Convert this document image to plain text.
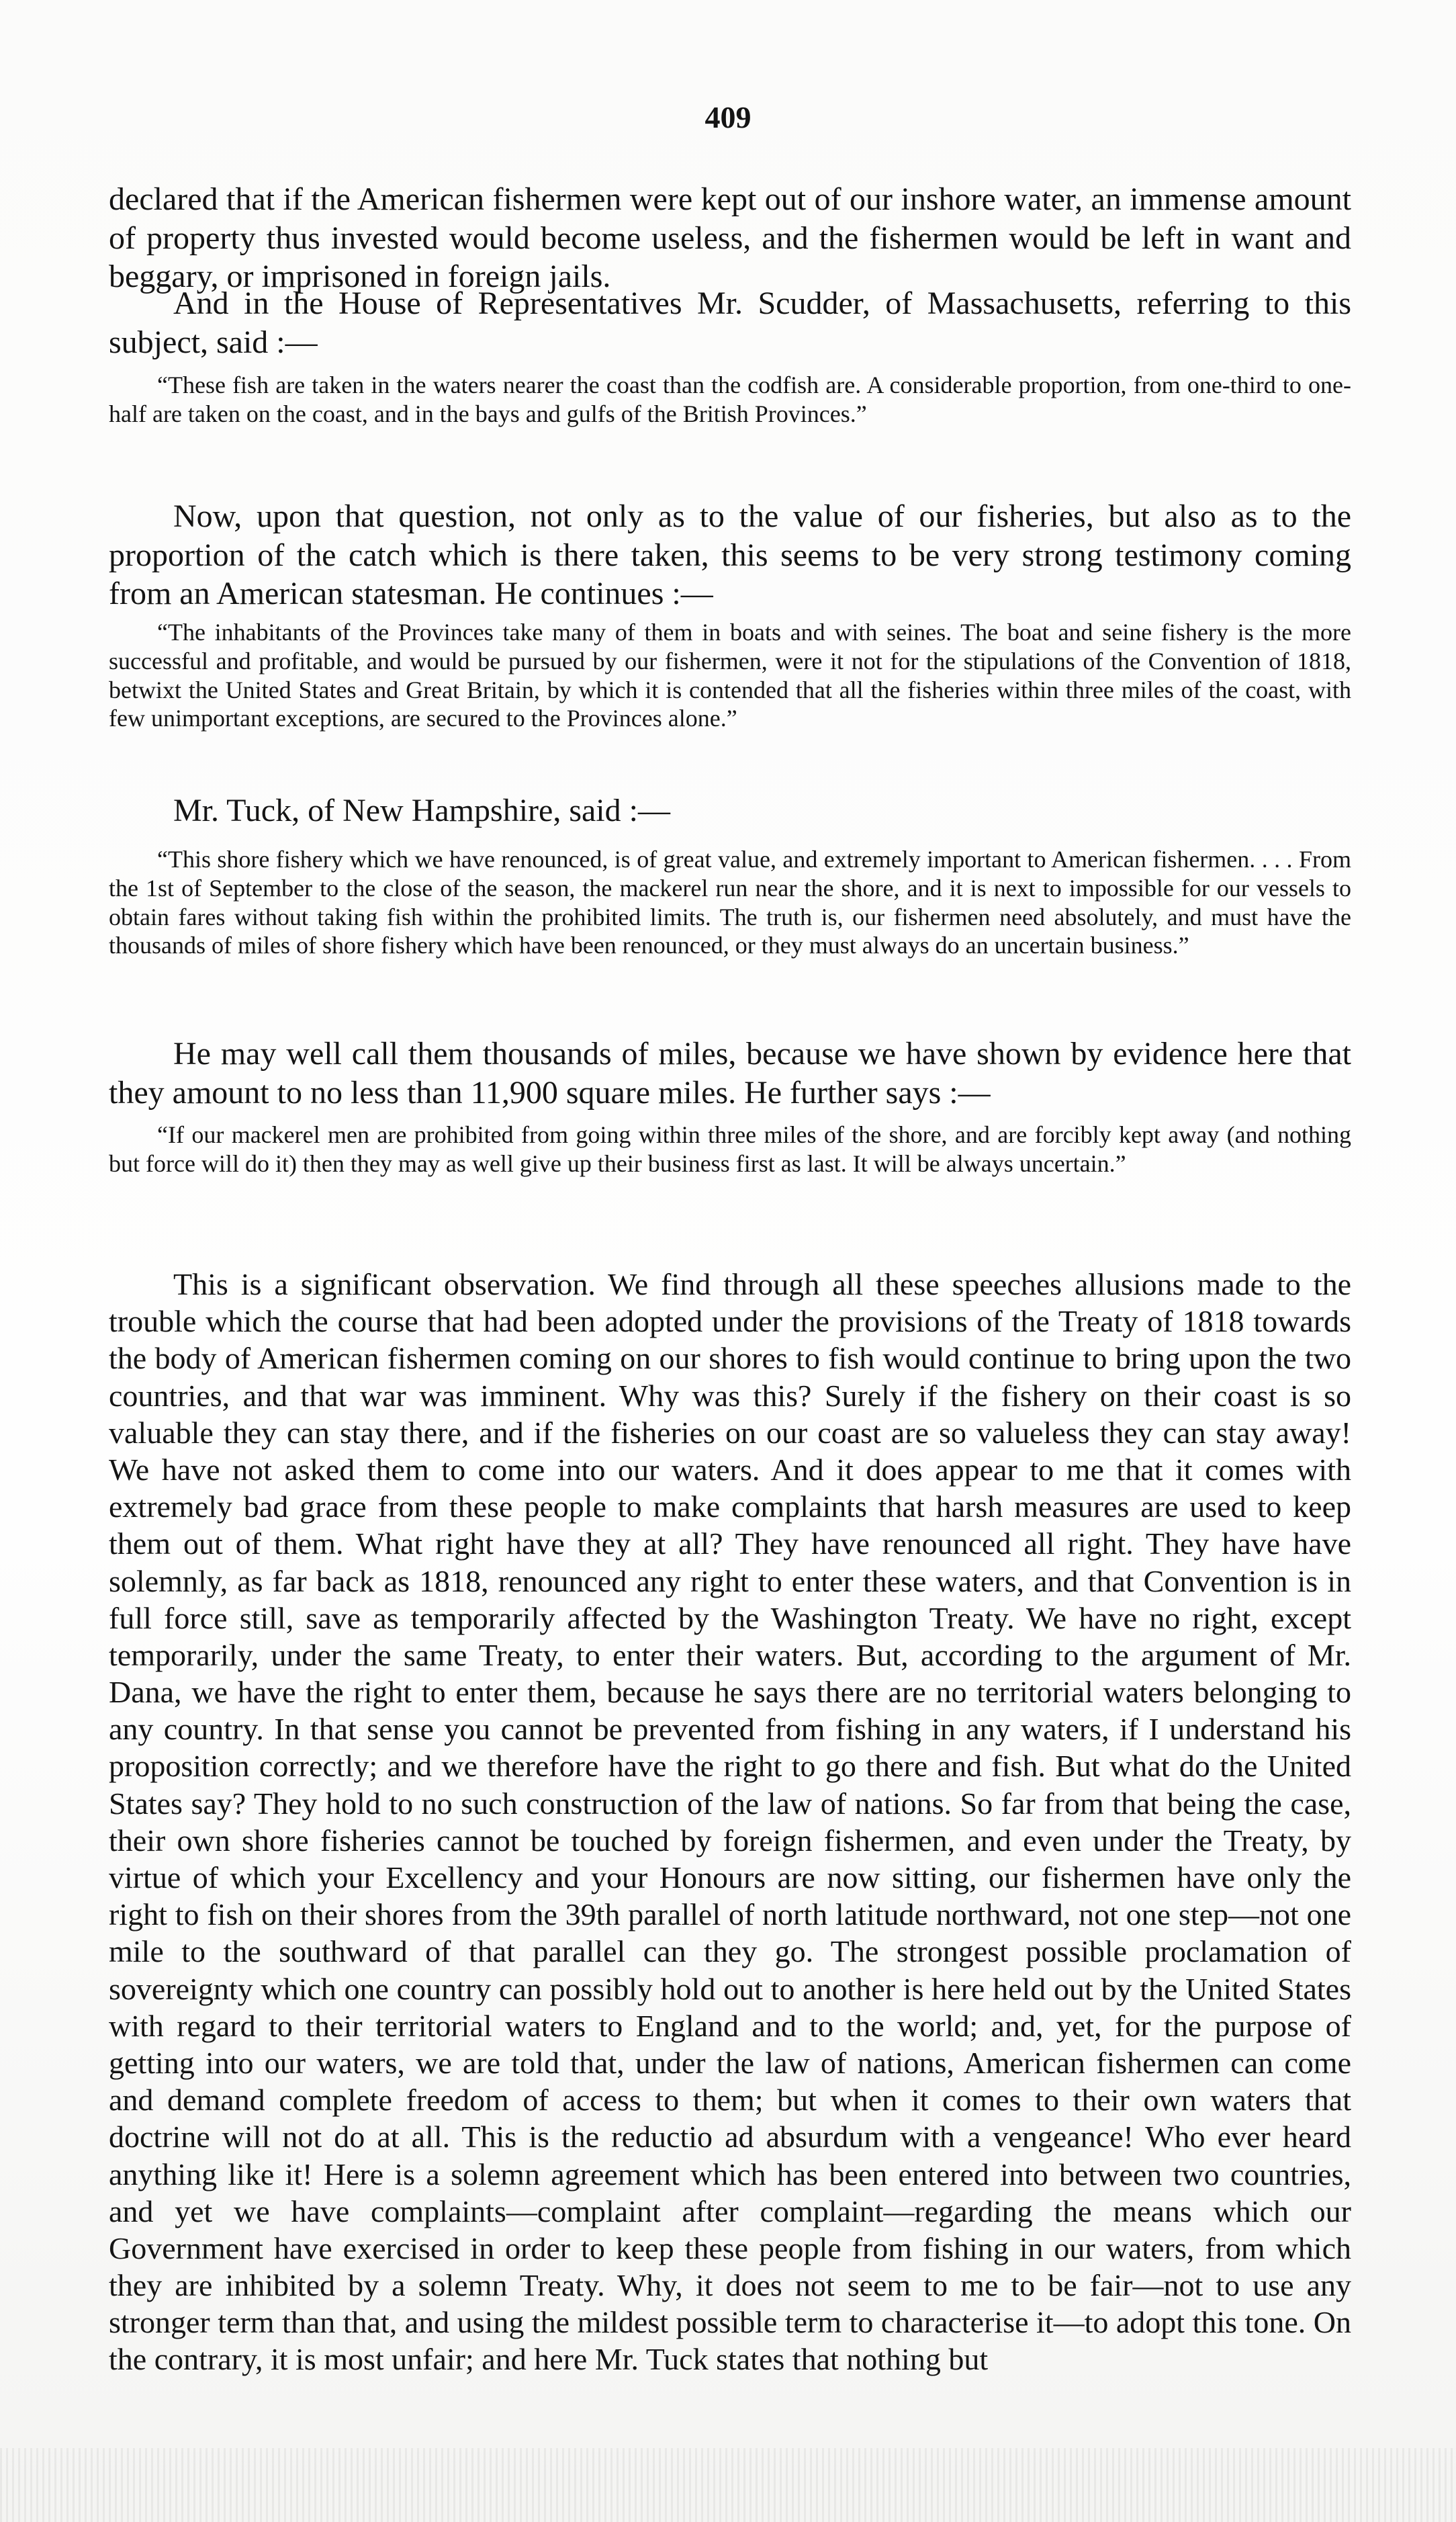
409

declared that if the American fishermen were kept out of our inshore water, an immense amount of property thus invested would become useless, and the fishermen would be left in want and beggary, or imprisoned in foreign jails.

And in the House of Representatives Mr. Scudder, of Massachusetts, referring to this subject, said :—

“These fish are taken in the waters nearer the coast than the codfish are. A considerable proportion, from one-third to one-half are taken on the coast, and in the bays and gulfs of the British Provinces.”

Now, upon that question, not only as to the value of our fisheries, but also as to the proportion of the catch which is there taken, this seems to be very strong testimony coming from an American statesman. He continues :—

“The inhabitants of the Provinces take many of them in boats and with seines. The boat and seine fishery is the more successful and profitable, and would be pursued by our fishermen, were it not for the stipulations of the Convention of 1818, betwixt the United States and Great Britain, by which it is contended that all the fisheries within three miles of the coast, with few unimportant exceptions, are secured to the Provinces alone.”

Mr. Tuck, of New Hampshire, said :—

“This shore fishery which we have renounced, is of great value, and extremely important to American fishermen. . . . From the 1st of September to the close of the season, the mackerel run near the shore, and it is next to impossible for our vessels to obtain fares without taking fish within the prohibited limits. The truth is, our fishermen need absolutely, and must have the thousands of miles of shore fishery which have been renounced, or they must always do an uncertain business.”

He may well call them thousands of miles, because we have shown by evidence here that they amount to no less than 11,900 square miles. He further says :—

“If our mackerel men are prohibited from going within three miles of the shore, and are forcibly kept away (and nothing but force will do it) then they may as well give up their business first as last. It will be always uncertain.”

This is a significant observation. We find through all these speeches allusions made to the trouble which the course that had been adopted under the provisions of the Treaty of 1818 towards the body of American fishermen coming on our shores to fish would continue to bring upon the two countries, and that war was imminent. Why was this? Surely if the fishery on their coast is so valuable they can stay there, and if the fisheries on our coast are so valueless they can stay away! We have not asked them to come into our waters. And it does appear to me that it comes with extremely bad grace from these people to make complaints that harsh measures are used to keep them out of them. What right have they at all? They have renounced all right. They have have solemnly, as far back as 1818, renounced any right to enter these waters, and that Convention is in full force still, save as temporarily affected by the Washington Treaty. We have no right, except temporarily, under the same Treaty, to enter their waters. But, according to the argument of Mr. Dana, we have the right to enter them, because he says there are no territorial waters belonging to any country. In that sense you cannot be prevented from fishing in any waters, if I understand his proposition correctly; and we therefore have the right to go there and fish. But what do the United States say? They hold to no such construction of the law of nations. So far from that being the case, their own shore fisheries cannot be touched by foreign fishermen, and even under the Treaty, by virtue of which your Excellency and your Honours are now sitting, our fishermen have only the right to fish on their shores from the 39th parallel of north latitude northward, not one step—not one mile to the southward of that parallel can they go. The strongest possible proclamation of sovereignty which one country can possibly hold out to another is here held out by the United States with regard to their territorial waters to England and to the world; and, yet, for the purpose of getting into our waters, we are told that, under the law of nations, American fishermen can come and demand complete freedom of access to them; but when it comes to their own waters that doctrine will not do at all. This is the reductio ad absurdum with a vengeance! Who ever heard anything like it! Here is a solemn agreement which has been entered into between two countries, and yet we have complaints—complaint after complaint—regarding the means which our Government have exercised in order to keep these people from fishing in our waters, from which they are inhibited by a solemn Treaty. Why, it does not seem to me to be fair—not to use any stronger term than that, and using the mildest possible term to characterise it—to adopt this tone. On the contrary, it is most unfair; and here Mr. Tuck states that nothing but
